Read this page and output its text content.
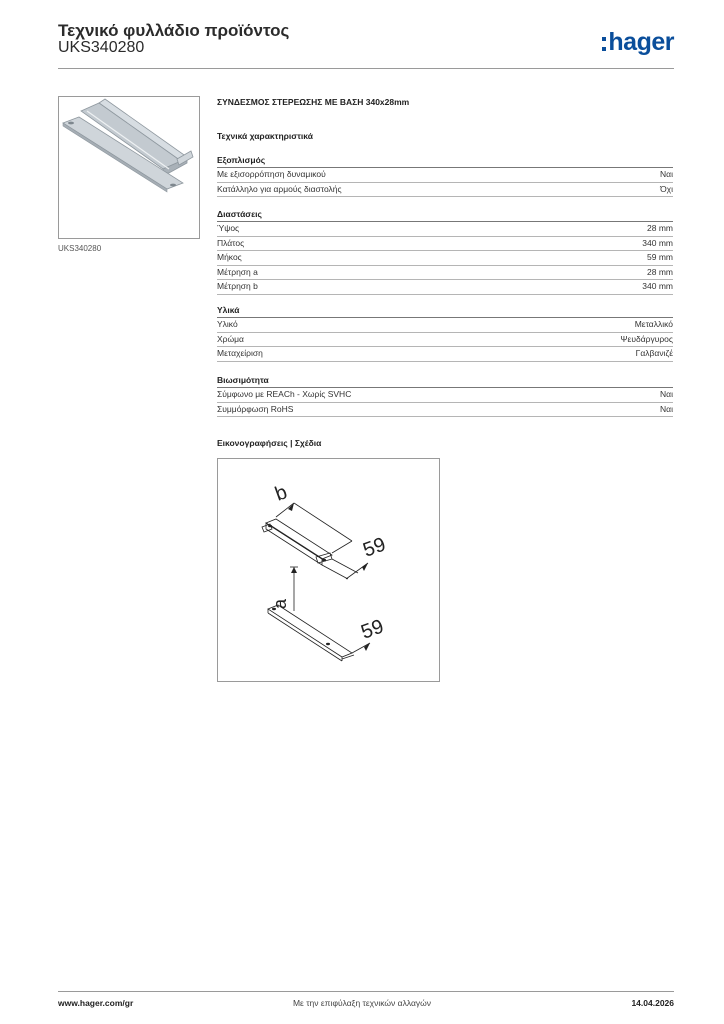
Τεχνικό φυλλάδιο προϊόντος
UKS340280	hager
UKS340280
ΣΥΝΔΕΣΜΟΣ ΣΤΕΡΕΩΣΗΣ ΜΕ ΒΑΣΗ 340x28mm
Τεχνικά χαρακτηριστικά
Εξοπλισμός
Με εξισορρόπηση δυναμικού	Ναι
Κατάλληλο για αρμούς διαστολής	Όχι
Διαστάσεις
Ύψος	28 mm
Πλάτος	340 mm
Μήκος	59 mm
Μέτρηση a	28 mm
Μέτρηση b	340 mm
Υλικά
Υλικό	Μεταλλικό
Χρώμα	Ψευδάργυρος
Μεταχείριση	Γαλβανιζέ
Βιωσιμότητα
Σύμφωνο με REACh - Χωρίς SVHC	Ναι
Συμμόρφωση RoHS	Ναι
Εικονογραφήσεις | Σχέδια
b
59
a
59
www.hager.com/gr	Με την επιφύλαξη τεχνικών αλλαγών	14.04.2026
